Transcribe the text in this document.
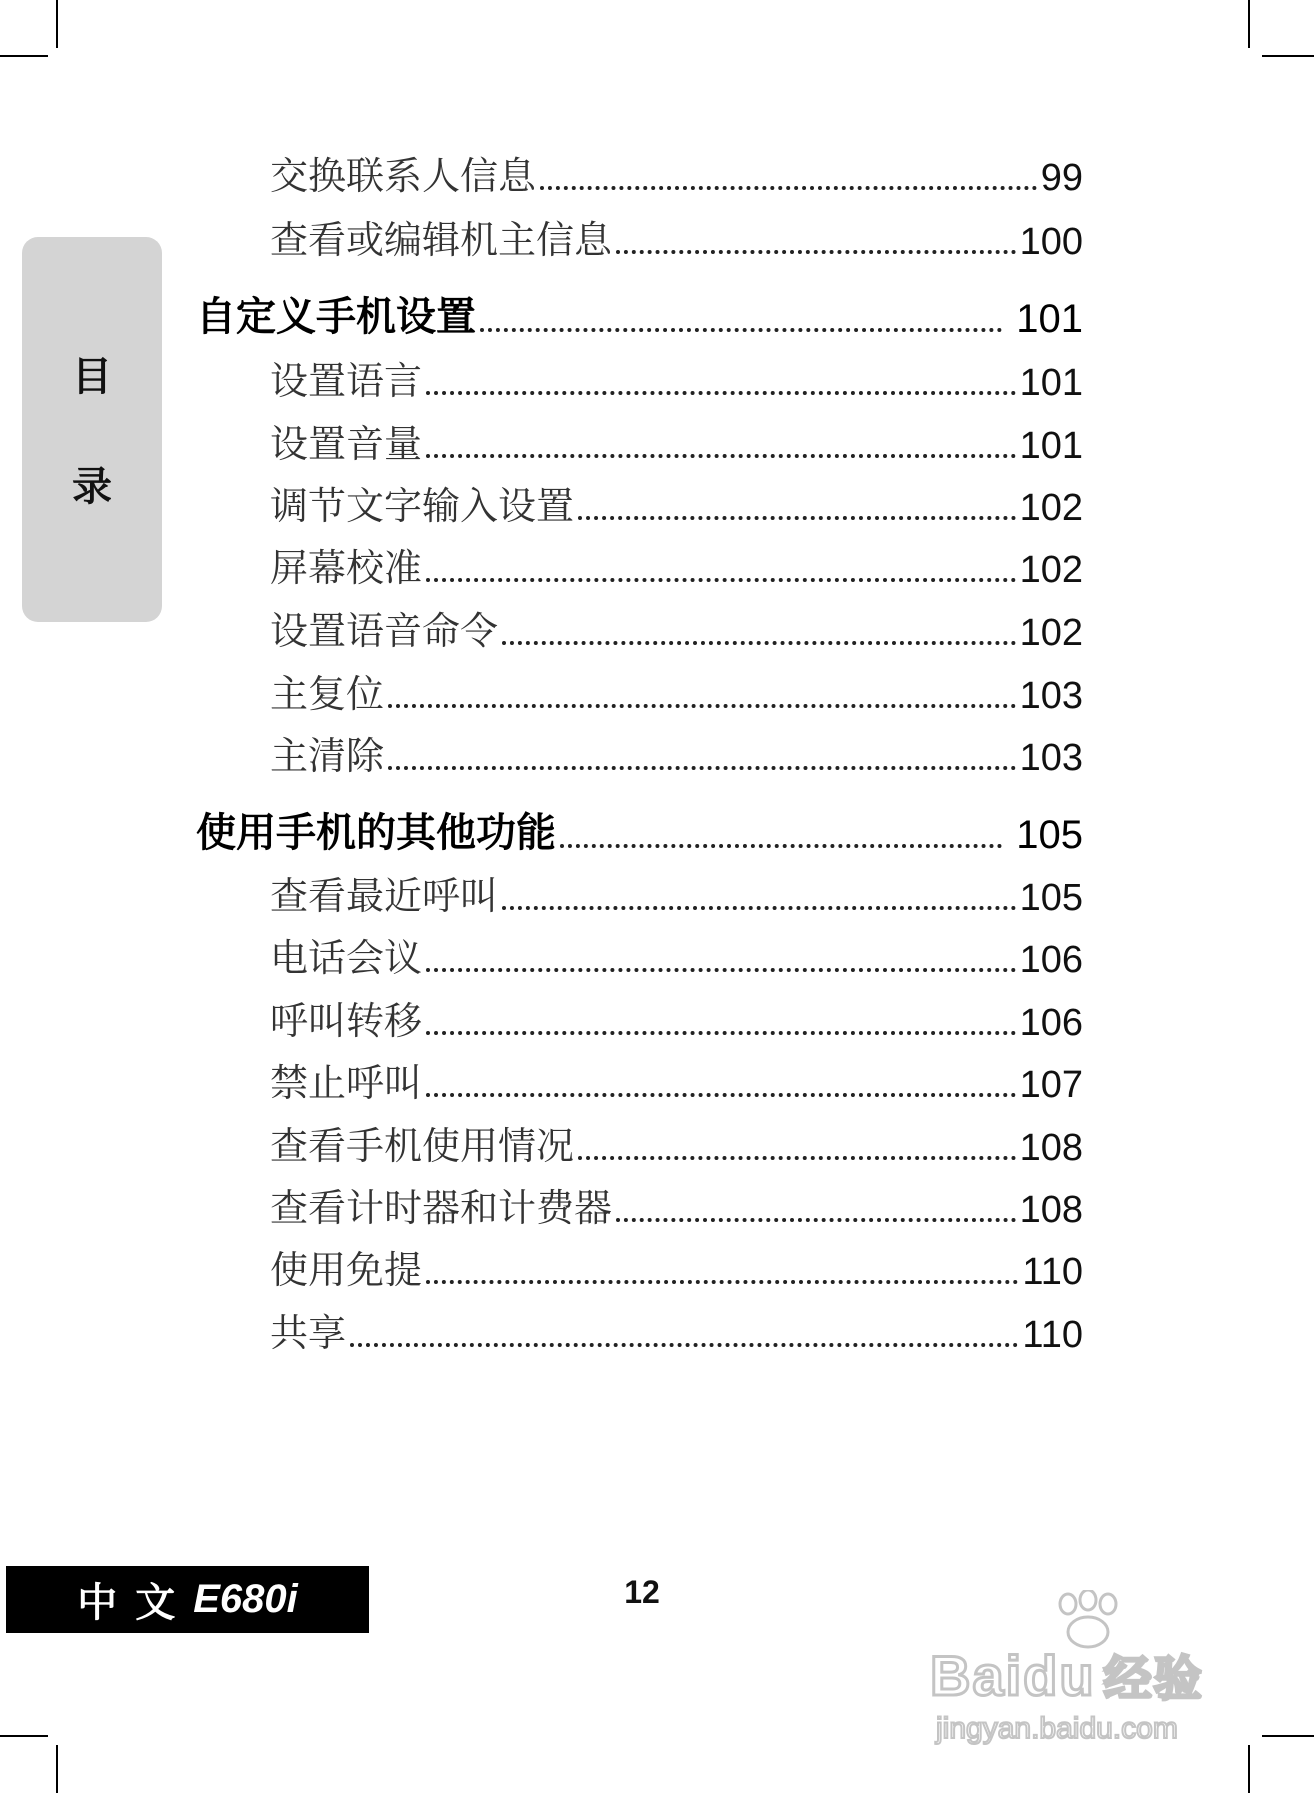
目
录
交换联系人信息	99
查看或编辑机主信息	100
自定义手机设置	101
设置语言	101
设置音量	101
调节文字输入设置	102
屏幕校准	102
设置语音命令	102
主复位	103
主清除	103
使用手机的其他功能	105
查看最近呼叫	105
电话会议	106
呼叫转移	106
禁止呼叫	107
查看手机使用情况	108
查看计时器和计费器	108
使用免提	110
共享	110
中 文 E680i	12
Baidu 经验
jingyan.baidu.com
